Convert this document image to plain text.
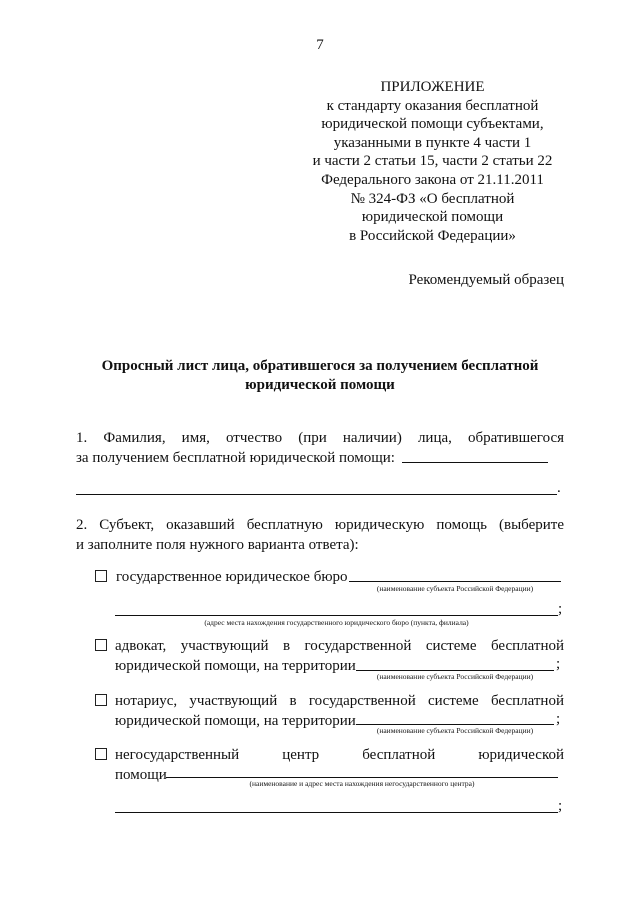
7
ПРИЛОЖЕНИЕ
к стандарту оказания бесплатной
юридической помощи субъектами,
указанными в пункте 4 части 1
и части 2 статьи 15, части 2 статьи 22
Федерального закона от 21.11.2011
№ 324-ФЗ «О бесплатной
юридической помощи
в Российской Федерации»
Рекомендуемый образец
Опросный лист лица, обратившегося за получением бесплатной
юридической помощи
1. Фамилия, имя, отчество (при наличии) лица, обратившегося
за получением бесплатной юридической помощи:
.
2. Субъект, оказавший бесплатную юридическую помощь (выберите
и заполните поля нужного варианта ответа):
государственное юридическое бюро
(наименование субъекта Российской Федерации)
(адрес места нахождения государственного юридического бюро (пункта, филиала)
;
адвокат, участвующий в государственной системе бесплатной
юридической помощи, на территории
(наименование субъекта Российской Федерации)
;
нотариус, участвующий в государственной системе бесплатной
юридической помощи, на территории
(наименование субъекта Российской Федерации)
;
негосударственный центр бесплатной юридической
помощи
(наименование и адрес места нахождения негосударственного центра)
;
